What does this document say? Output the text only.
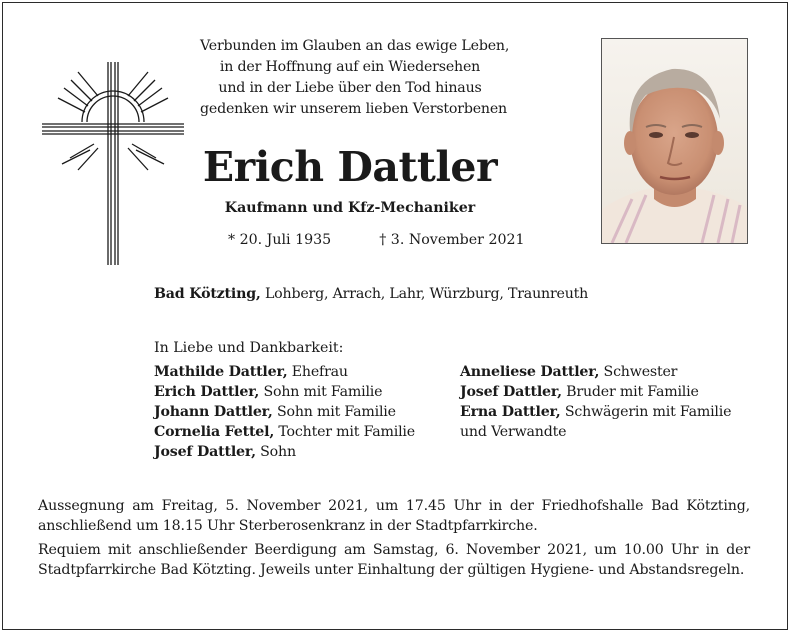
Verbunden im Glauben an das ewige Leben,
in der Hoffnung auf ein Wiedersehen
und in der Liebe über den Tod hinaus
gedenken wir unserem lieben Verstorbenen
Erich Dattler
Kaufmann und Kfz-Mechaniker
* 20. Juli 1935	† 3. November 2021
Bad Kötzting, Lohberg, Arrach, Lahr, Würzburg, Traunreuth
In Liebe und Dankbarkeit:
Mathilde Dattler, Ehefrau
Erich Dattler, Sohn mit Familie
Johann Dattler, Sohn mit Familie
Cornelia Fettel, Tochter mit Familie
Josef Dattler, Sohn
Anneliese Dattler, Schwester
Josef Dattler, Bruder mit Familie
Erna Dattler, Schwägerin mit Familie
und Verwandte
Aussegnung am Freitag, 5. November 2021, um 17.45 Uhr in der Friedhofshalle Bad Kötzting, anschließend um 18.15 Uhr Sterberosenkranz in der Stadtpfarrkirche.
Requiem mit anschließender Beerdigung am Samstag, 6. November 2021, um 10.00 Uhr in der Stadtpfarrkirche Bad Kötzting. Jeweils unter Einhaltung der gültigen Hygiene- und Abstandsregeln.
